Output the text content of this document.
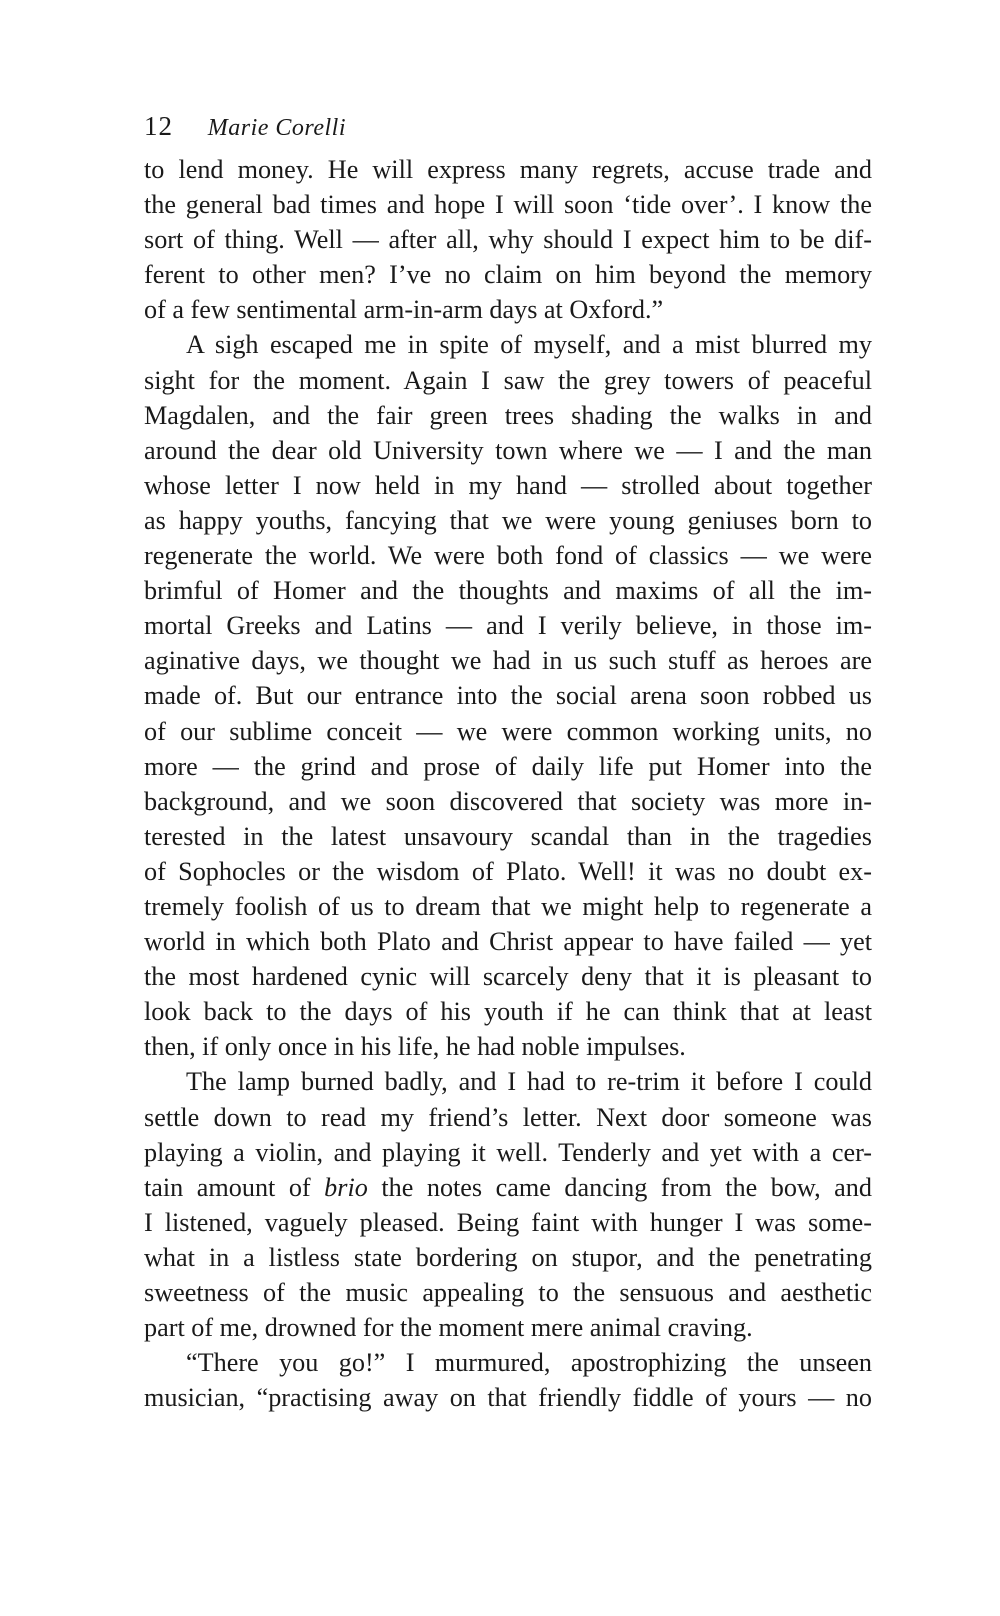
12 Marie Corelli
to lend money. He will express many regrets, accuse trade and
the general bad times and hope I will soon ‘tide over’. I know the
sort of thing. Well — after all, why should I expect him to be dif-
ferent to other men? I’ve no claim on him beyond the memory
of a few sentimental arm-in-arm days at Oxford.”
A sigh escaped me in spite of myself, and a mist blurred my
sight for the moment. Again I saw the grey towers of peaceful
Magdalen, and the fair green trees shading the walks in and
around the dear old University town where we — I and the man
whose letter I now held in my hand — strolled about together
as happy youths, fancying that we were young geniuses born to
regenerate the world. We were both fond of classics — we were
brimful of Homer and the thoughts and maxims of all the im-
mortal Greeks and Latins — and I verily believe, in those im-
aginative days, we thought we had in us such stuff as heroes are
made of. But our entrance into the social arena soon robbed us
of our sublime conceit — we were common working units, no
more — the grind and prose of daily life put Homer into the
background, and we soon discovered that society was more in-
terested in the latest unsavoury scandal than in the tragedies
of Sophocles or the wisdom of Plato. Well! it was no doubt ex-
tremely foolish of us to dream that we might help to regenerate a
world in which both Plato and Christ appear to have failed — yet
the most hardened cynic will scarcely deny that it is pleasant to
look back to the days of his youth if he can think that at least
then, if only once in his life, he had noble impulses.
The lamp burned badly, and I had to re-trim it before I could
settle down to read my friend’s letter. Next door someone was
playing a violin, and playing it well. Tenderly and yet with a cer-
tain amount of brio the notes came dancing from the bow, and
I listened, vaguely pleased. Being faint with hunger I was some-
what in a listless state bordering on stupor, and the penetrating
sweetness of the music appealing to the sensuous and aesthetic
part of me, drowned for the moment mere animal craving.
“There you go!” I murmured, apostrophizing the unseen
musician, “practising away on that friendly fiddle of yours — no
